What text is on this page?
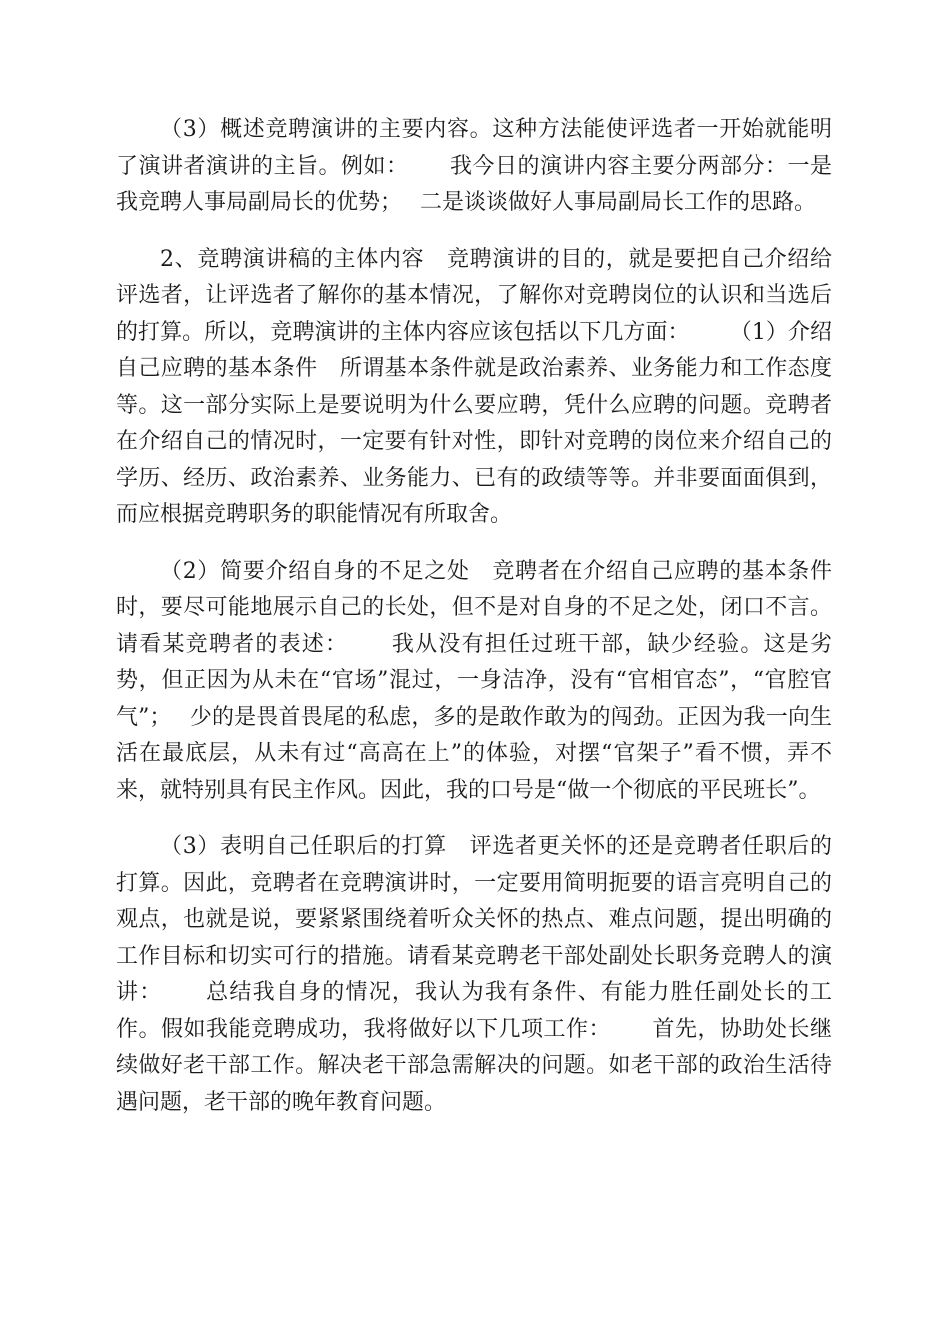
（3）概述竞聘演讲的主要内容。这种方法能使评选者一开始就能明了演讲者演讲的主旨。例如：　　 我今日的演讲内容主要分两部分：一是我竞聘人事局副局长的优势；　 二是谈谈做好人事局副局长工作的思路。

2、竞聘演讲稿的主体内容　竞聘演讲的目的，就是要把自己介绍给评选者，让评选者了解你的基本情况，了解你对竞聘岗位的认识和当选后的打算。所以，竞聘演讲的主体内容应该包括以下几方面：　　 （1）介绍自己应聘的基本条件　所谓基本条件就是政治素养、业务能力和工作态度等。这一部分实际上是要说明为什么要应聘，凭什么应聘的问题。竞聘者在介绍自己的情况时，一定要有针对性，即针对竞聘的岗位来介绍自己的学历、经历、政治素养、业务能力、已有的政绩等等。并非要面面俱到，而应根据竞聘职务的职能情况有所取舍。

（2）简要介绍自身的不足之处　竞聘者在介绍自己应聘的基本条件时，要尽可能地展示自己的长处，但不是对自身的不足之处，闭口不言。请看某竞聘者的表述：　　 我从没有担任过班干部，缺少经验。这是劣势，但正因为从未在“官场”混过，一身洁净，没有“官相官态”，“官腔官气”；　 少的是畏首畏尾的私虑，多的是敢作敢为的闯劲。正因为我一向生活在最底层，从未有过“高高在上”的体验，对摆“官架子”看不惯，弄不来，就特别具有民主作风。因此，我的口号是“做一个彻底的平民班长”。

（3）表明自己任职后的打算　评选者更关怀的还是竞聘者任职后的打算。因此，竞聘者在竞聘演讲时，一定要用简明扼要的语言亮明自己的观点，也就是说，要紧紧围绕着听众关怀的热点、难点问题，提出明确的工作目标和切实可行的措施。请看某竞聘老干部处副处长职务竞聘人的演讲：　　 总结我自身的情况，我认为我有条件、有能力胜任副处长的工作。假如我能竞聘成功，我将做好以下几项工作：　　 首先，协助处长继续做好老干部工作。解决老干部急需解决的问题。如老干部的政治生活待遇问题，老干部的晚年教育问题。
